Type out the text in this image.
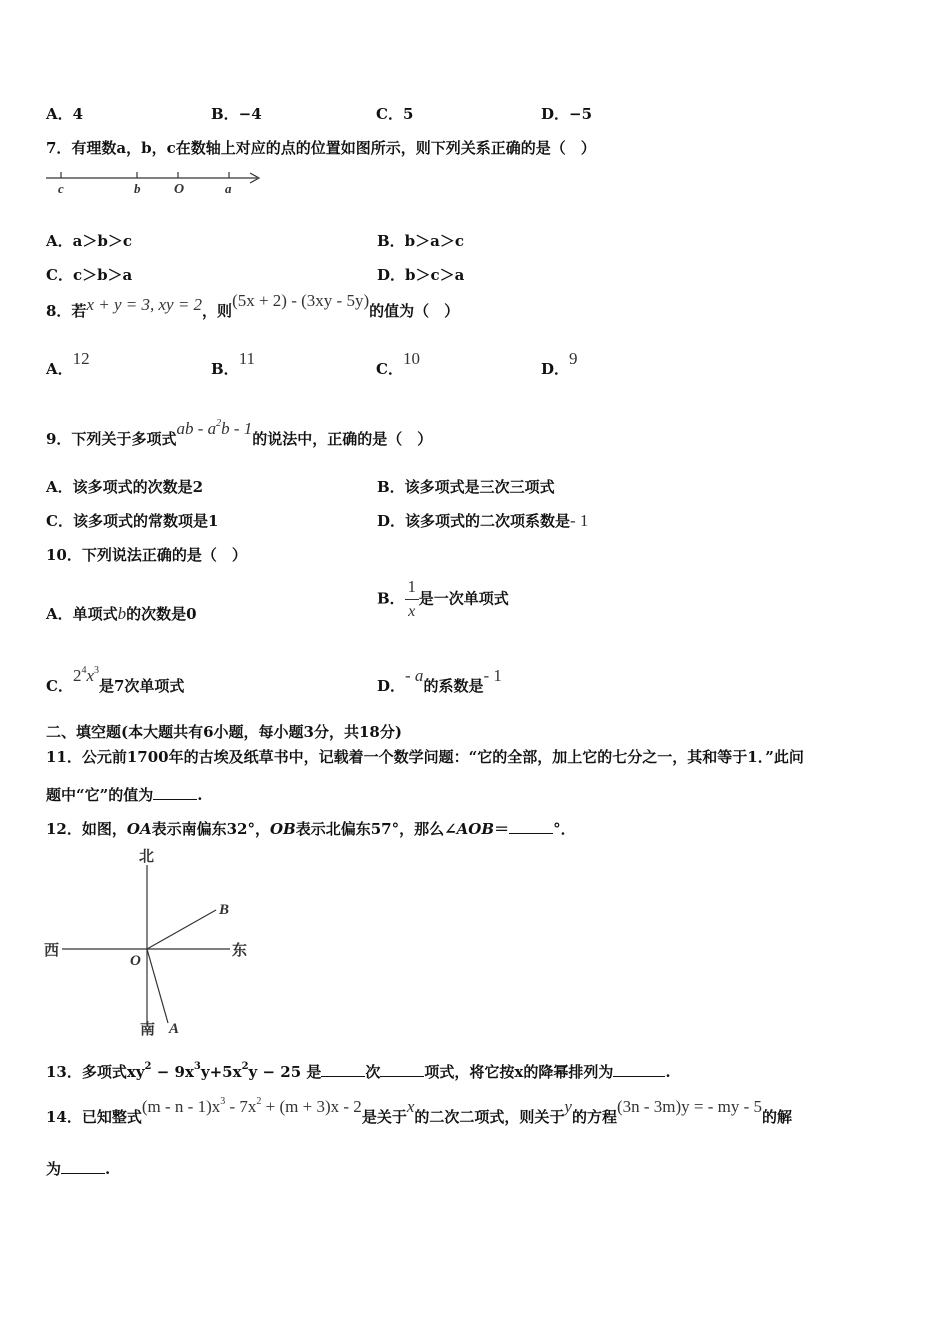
A．4	B．−4	C．5	D．−5
7．有理数a，b，c在数轴上对应的点的位置如图所示，则下列关系正确的是（　）
c	b O	a
A．a＞b＞c	B．b＞a＞c
C．c＞b＞a	D．b＞c＞a
8．若x + y = 3, xy = 2，则(5x + 2) - (3xy - 5y)的值为（　）
A．12
B．11
C．10
D．9
9．下列关于多项式ab - $a^2b - 1$的说法中，正确的是（　）
A．该多项式的次数是2	B．该多项式是三次三项式
C．该多项式的常数项是1	D．该多项式的二次项系数是- 1
10．下列说法正确的是（　）
A．单项式b的次数是0
B． $\frac{1}{x}$ 是一次单项式
C．$2^4x^3$是7次单项式	D．- a的系数是- 1
二、填空题(本大题共有6小题，每小题3分，共18分)
11．公元前1700年的古埃及纸草书中，记载着一个数学问题：“它的全部，加上它的七分之一，其和等于1．”此问
题中“它”的值为	.
12．如图，OA表示南偏东32°，OB表示北偏东57°，那么∠AOB＝	°．
北
南
西	东
O
A
B
13．多项式$xy^2 - 9x^3y+5x^2y - 25$ 是	次	项式，将它按x的降幂排列为	.
14．已知整式$(m - n - 1)x^3 - 7x^2 + (m + 3)x - 2$是关于x的二次二项式，则关于y的方程(3n - 3m)y = - my - 5的解
为	.
